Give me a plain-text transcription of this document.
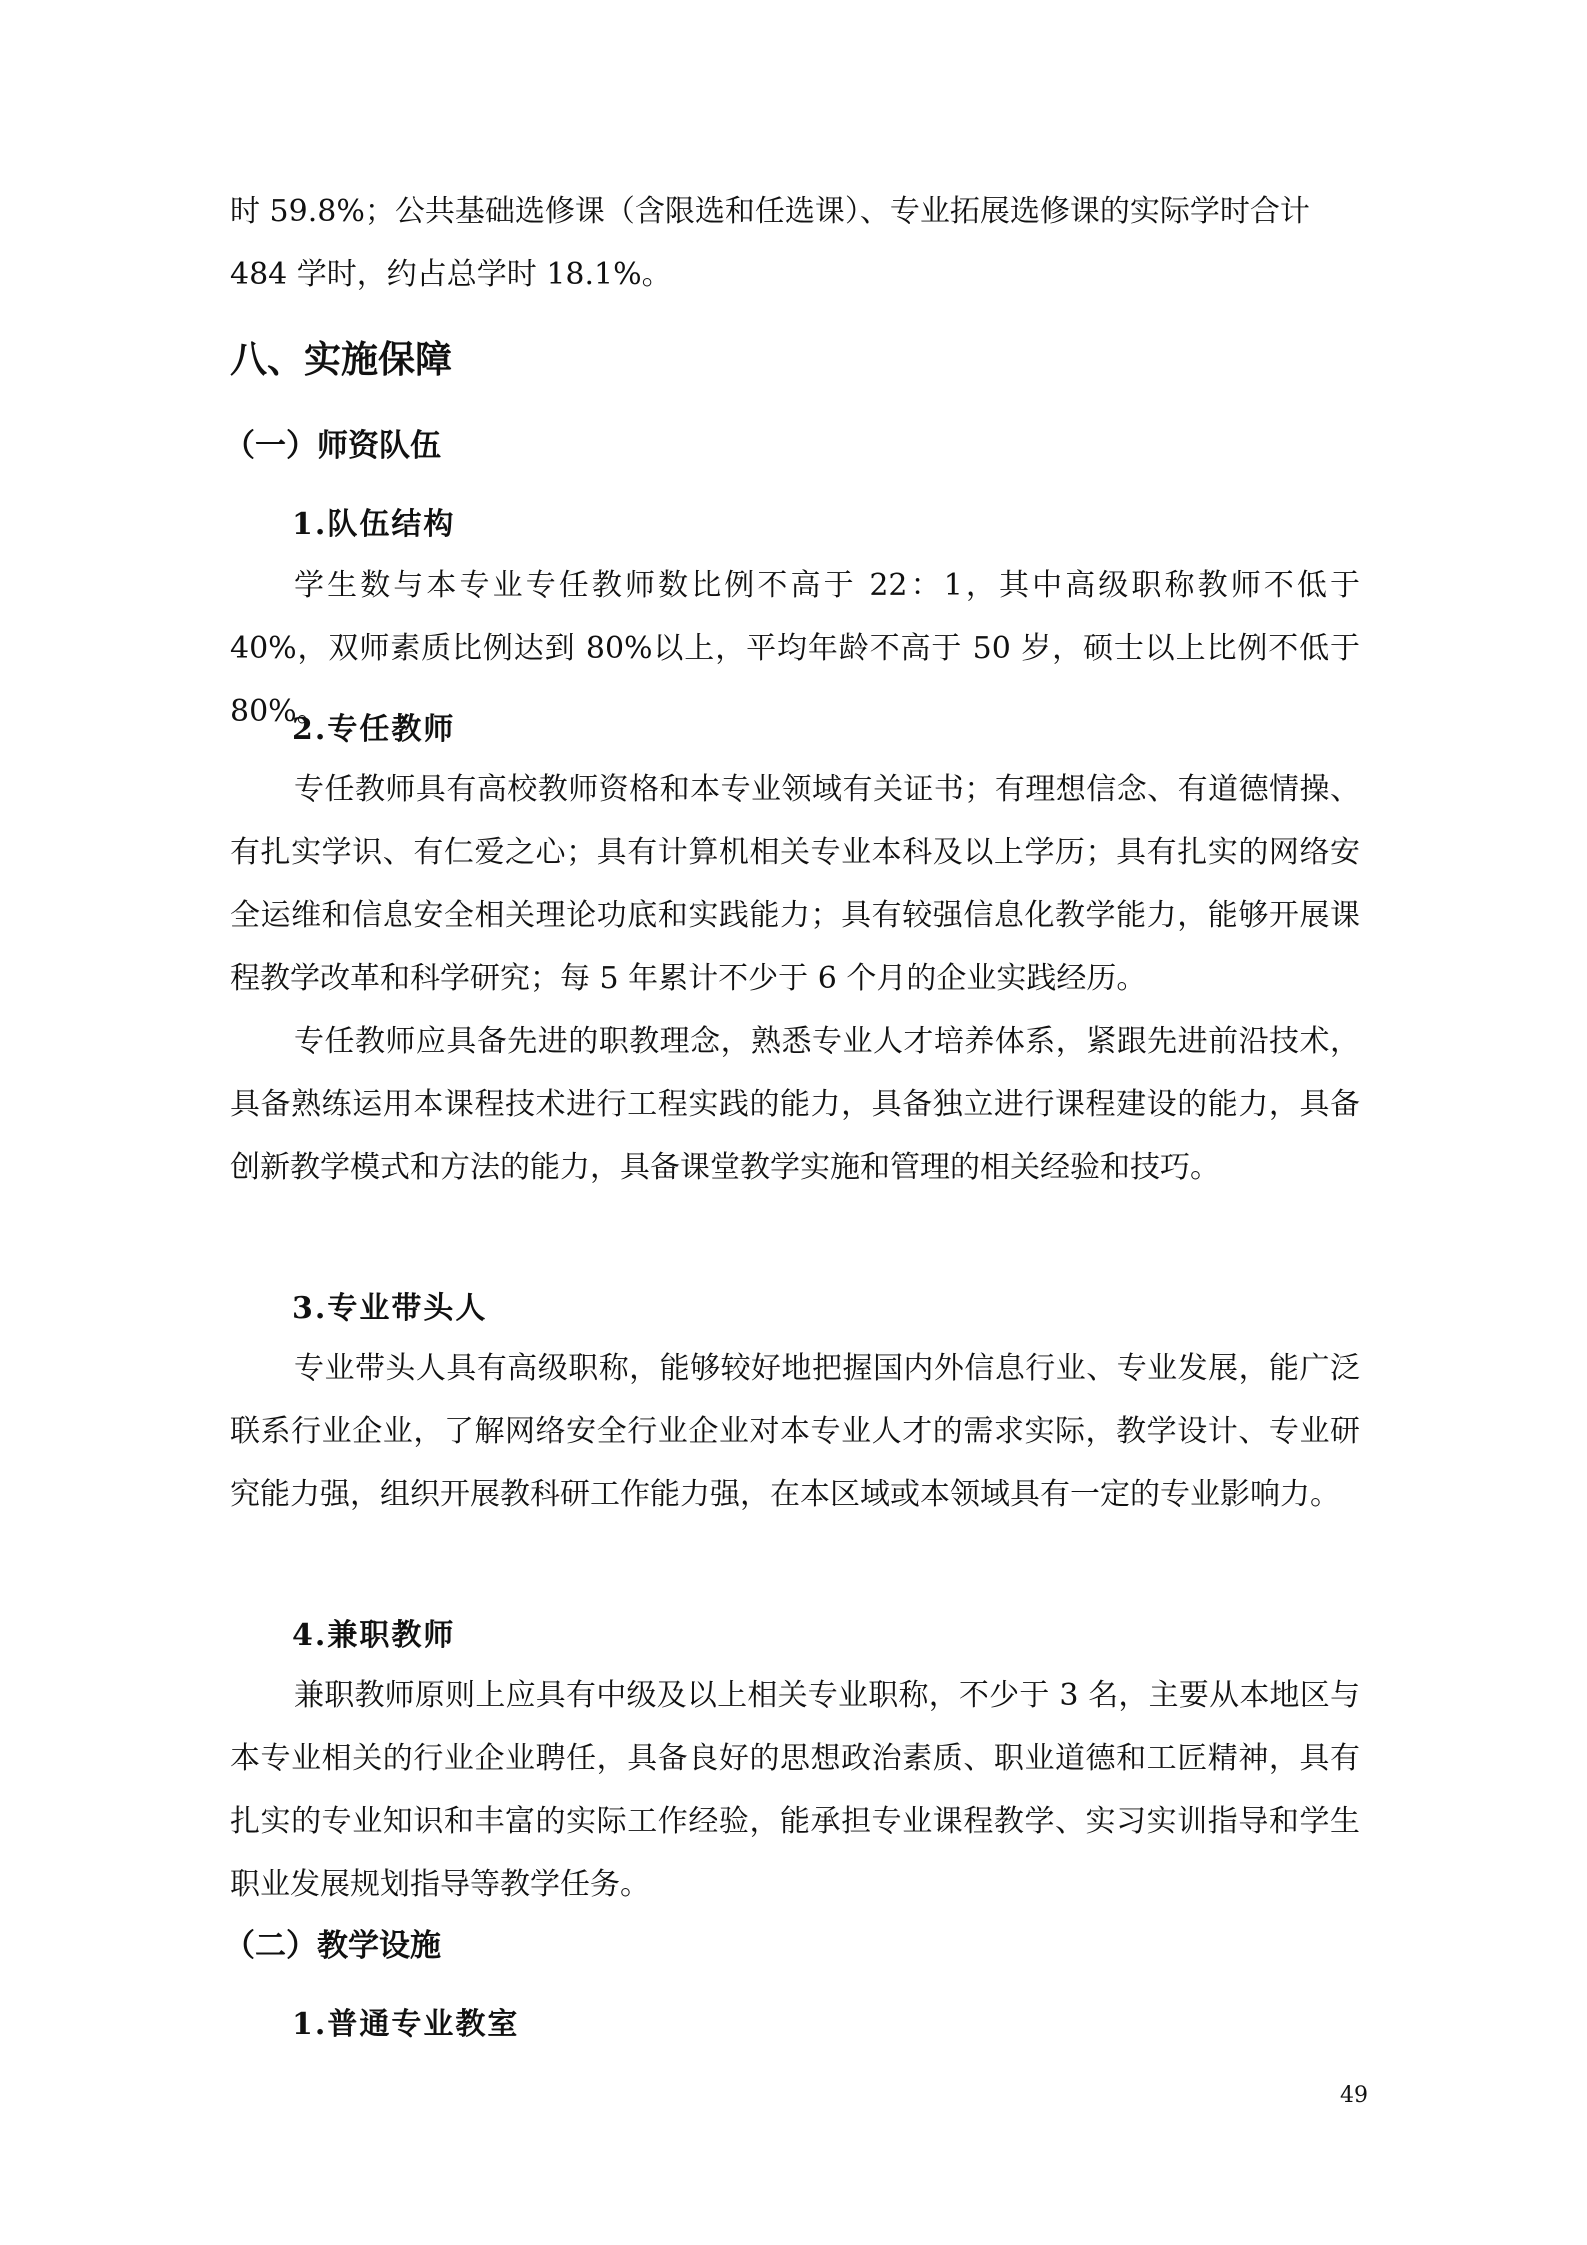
时 59.8%；公共基础选修课（含限选和任选课）、专业拓展选修课的实际学时合计

484 学时，约占总学时 18.1%。

八、实施保障
（一）师资队伍
1.队伍结构

学生数与本专业专任教师数比例不高于 22：1，其中高级职称教师不低于 40%，双师素质比例达到 80%以上，平均年龄不高于 50 岁，硕士以上比例不低于 80%。

2.专任教师

专任教师具有高校教师资格和本专业领域有关证书；有理想信念、有道德情操、有扎实学识、有仁爱之心；具有计算机相关专业本科及以上学历；具有扎实的网络安全运维和信息安全相关理论功底和实践能力；具有较强信息化教学能力，能够开展课程教学改革和科学研究；每 5 年累计不少于 6 个月的企业实践经历。

专任教师应具备先进的职教理念，熟悉专业人才培养体系，紧跟先进前沿技术，具备熟练运用本课程技术进行工程实践的能力，具备独立进行课程建设的能力，具备创新教学模式和方法的能力，具备课堂教学实施和管理的相关经验和技巧。

3.专业带头人

专业带头人具有高级职称，能够较好地把握国内外信息行业、专业发展，能广泛联系行业企业，了解网络安全行业企业对本专业人才的需求实际，教学设计、专业研究能力强，组织开展教科研工作能力强，在本区域或本领域具有一定的专业影响力。

4.兼职教师

兼职教师原则上应具有中级及以上相关专业职称，不少于 3 名，主要从本地区与本专业相关的行业企业聘任，具备良好的思想政治素质、职业道德和工匠精神，具有扎实的专业知识和丰富的实际工作经验，能承担专业课程教学、实习实训指导和学生职业发展规划指导等教学任务。

（二）教学设施
1.普通专业教室
49
